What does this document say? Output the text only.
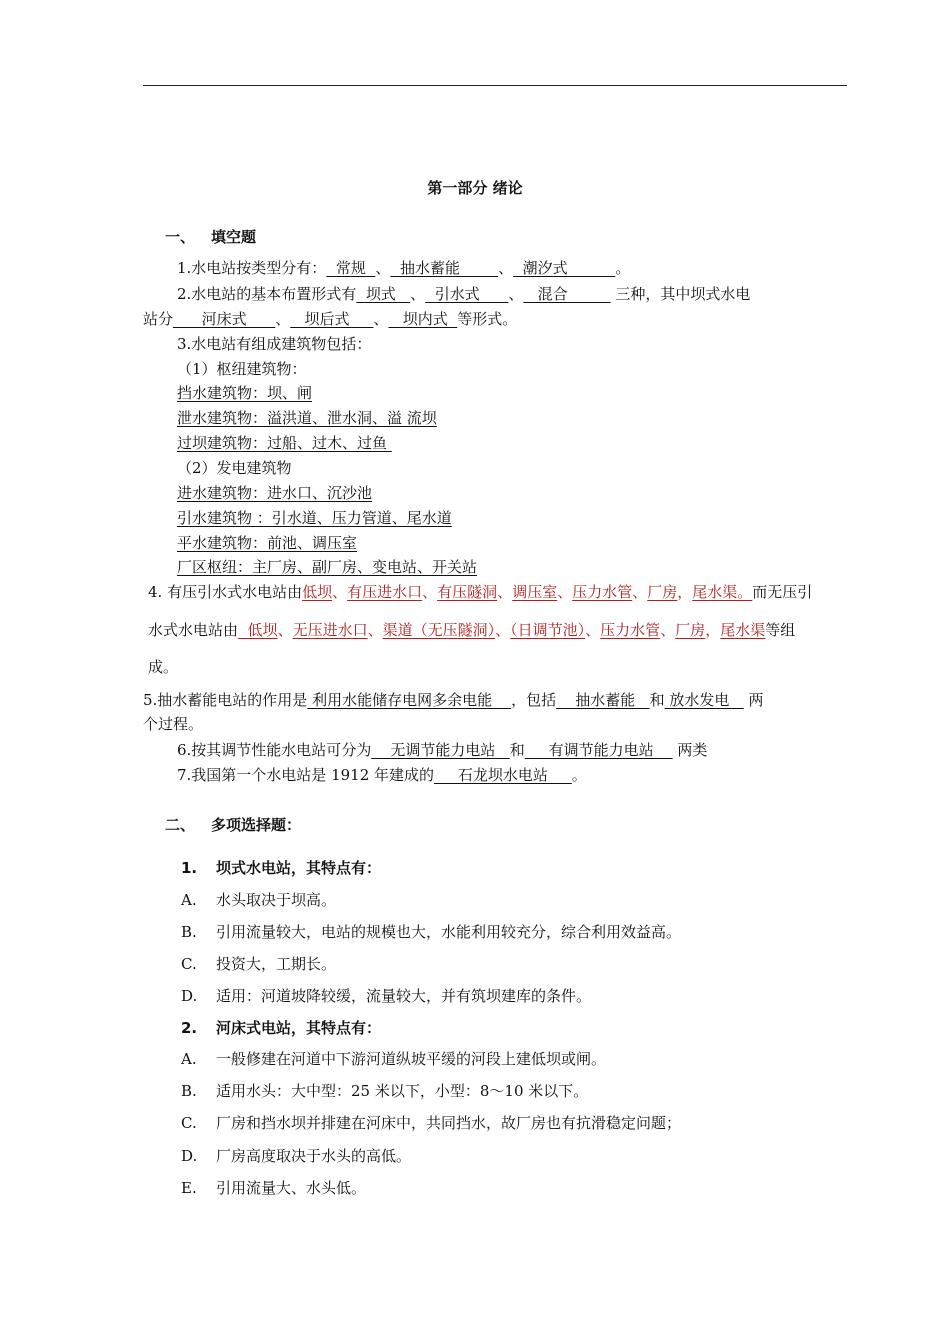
第一部分 绪论
一、 填空题
1.水电站按类型分有：  常规  、  抽水蓄能        、  潮汐式          。
2.水电站的基本布置形式有  坝式   、  引水式      、   混合          三种，其中坝式水电
站分      河床式      、   坝后式     、   坝内式  等形式。
3.水电站有组成建筑物包括：
（1）枢纽建筑物：
挡水建筑物：坝、闸
泄水建筑物：溢洪道、泄水洞、溢 流坝
过坝建筑物：过船、过木、过鱼
（2）发电建筑物
进水建筑物：进水口、沉沙池
引水建筑物 ：引水道、压力管道、尾水道
平水建筑物：前池、调压室
厂区枢纽：主厂房、副厂房、变电站、开关站
4. 有压引水式水电站由低坝、有压进水口、有压隧洞、调压室、压力水管、厂房，尾水渠。而无压引
水式水电站由  低坝、无压进水口、渠道（无压隧洞）、（日调节池）、压力水管、厂房，尾水渠等组
成。
5.抽水蓄能电站的作用是 利用水能储存电网多余电能    ，包括    抽水蓄能   和 放水发电    两
个过程。
6.按其调节性能水电站可分为    无调节能力电站   和     有调节能力电站     两类
7.我国第一个水电站是 1912 年建成的     石龙坝水电站     。
二、 多项选择题：
1. 坝式水电站，其特点有：
A. 水头取决于坝高。
B. 引用流量较大，电站的规模也大，水能利用较充分，综合利用效益高。
C. 投资大，工期长。
D. 适用：河道坡降较缓，流量较大，并有筑坝建库的条件。
2. 河床式电站，其特点有：
A. 一般修建在河道中下游河道纵坡平缓的河段上建低坝或闸。
B. 适用水头：大中型：25 米以下，小型：8～10 米以下。
C. 厂房和挡水坝并排建在河床中，共同挡水，故厂房也有抗滑稳定问题；
D. 厂房高度取决于水头的高低。
E. 引用流量大、水头低。
